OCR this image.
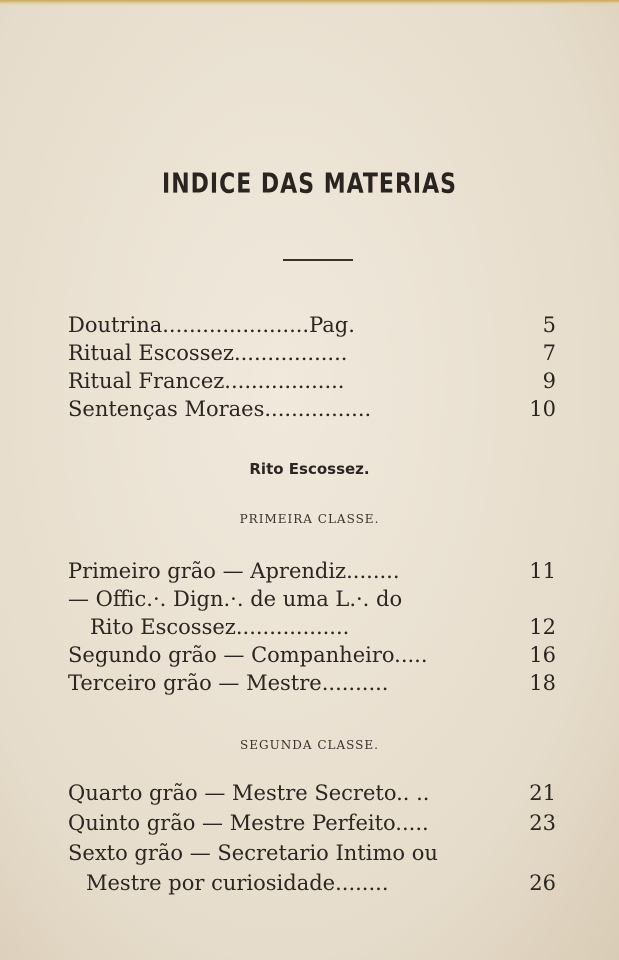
INDICE DAS MATERIAS
Doutrina......................Pag.	5
Ritual Escossez.................	7
Ritual Francez..................	9
Sentenças Moraes................	10
Rito Escossez.
PRIMEIRA CLASSE.
Primeiro grão — Aprendiz........	11
— Offic.·. Dign.·. de uma L.·. do
Rito Escossez.................	12
Segundo grão — Companheiro.....	16
Terceiro grão — Mestre..........	18
SEGUNDA CLASSE.
Quarto grão — Mestre Secreto.. ..	21
Quinto grão — Mestre Perfeito.....	23
Sexto grão — Secretario Intimo ou
Mestre por curiosidade........	26
